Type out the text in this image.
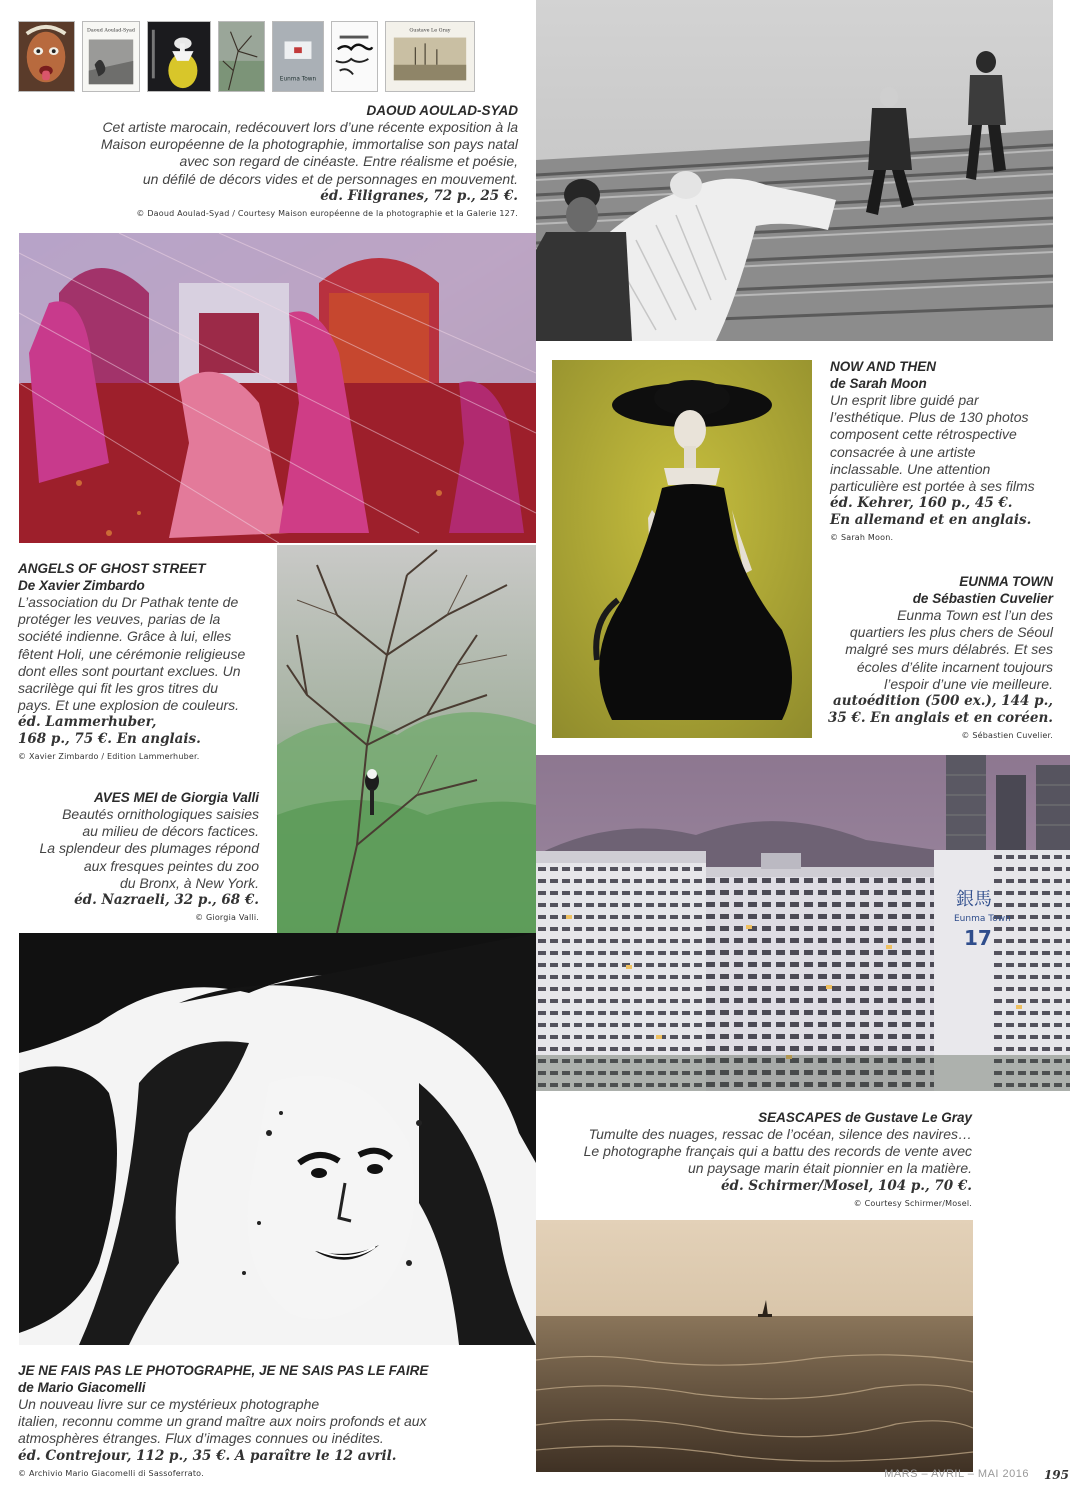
Daoud Aoulad-Syad
Eunma Town
Gustave Le Gray
銀馬
Eunma Town
17
DAOUD AOULAD-SYAD
Cet artiste marocain, redécouvert lors d’une récente exposition à la
Maison européenne de la photographie, immortalise son pays natal
avec son regard de cinéaste. Entre réalisme et poésie,
un défilé de décors vides et de personnages en mouvement.
éd. Filigranes, 72 p., 25 €.
© Daoud Aoulad-Syad / Courtesy Maison européenne de la photographie et la Galerie 127.
ANGELS OF GHOST STREET
De Xavier Zimbardo
L’association du Dr Pathak tente de
protéger les veuves, parias de la
société indienne. Grâce à lui, elles
fêtent Holi, une cérémonie religieuse
dont elles sont pourtant exclues. Un
sacrilège qui fit les gros titres du
pays. Et une explosion de couleurs.
éd. Lammerhuber,
168 p., 75 €. En anglais.
© Xavier Zimbardo / Edition Lammerhuber.
AVES MEI de Giorgia Valli
Beautés ornithologiques saisies
au milieu de décors factices.
La splendeur des plumages répond
aux fresques peintes du zoo
du Bronx, à New York.
éd. Nazraeli, 32 p., 68 €.
© Giorgia Valli.
NOW AND THEN
de Sarah Moon
Un esprit libre guidé par
l’esthétique. Plus de 130 photos
composent cette rétrospective
consacrée à une artiste
inclassable. Une attention
particulière est portée à ses films
éd. Kehrer, 160 p., 45 €.
En allemand et en anglais.
© Sarah Moon.
EUNMA TOWN
de Sébastien Cuvelier
Eunma Town est l’un des
quartiers les plus chers de Séoul
malgré ses murs délabrés. Et ses
écoles d’élite incarnent toujours
l’espoir d’une vie meilleure.
autoédition (500 ex.), 144 p.,
35 €. En anglais et en coréen.
© Sébastien Cuvelier.
SEASCAPES de Gustave Le Gray
Tumulte des nuages, ressac de l’océan, silence des navires…
Le photographe français qui a battu des records de vente avec
un paysage marin était pionnier en la matière.
éd. Schirmer/Mosel, 104 p., 70 €.
© Courtesy Schirmer/Mosel.
JE NE FAIS PAS LE PHOTOGRAPHE, JE NE SAIS PAS LE FAIRE
de Mario Giacomelli
Un nouveau livre sur ce mystérieux photographe
italien, reconnu comme un grand maître aux noirs profonds et aux
atmosphères étranges. Flux d’images connues ou inédites.
éd. Contrejour, 112 p., 35 €. A paraître le 12 avril.
© Archivio Mario Giacomelli di Sassoferrato.	MARS – AVRIL – MAI 2016 195
